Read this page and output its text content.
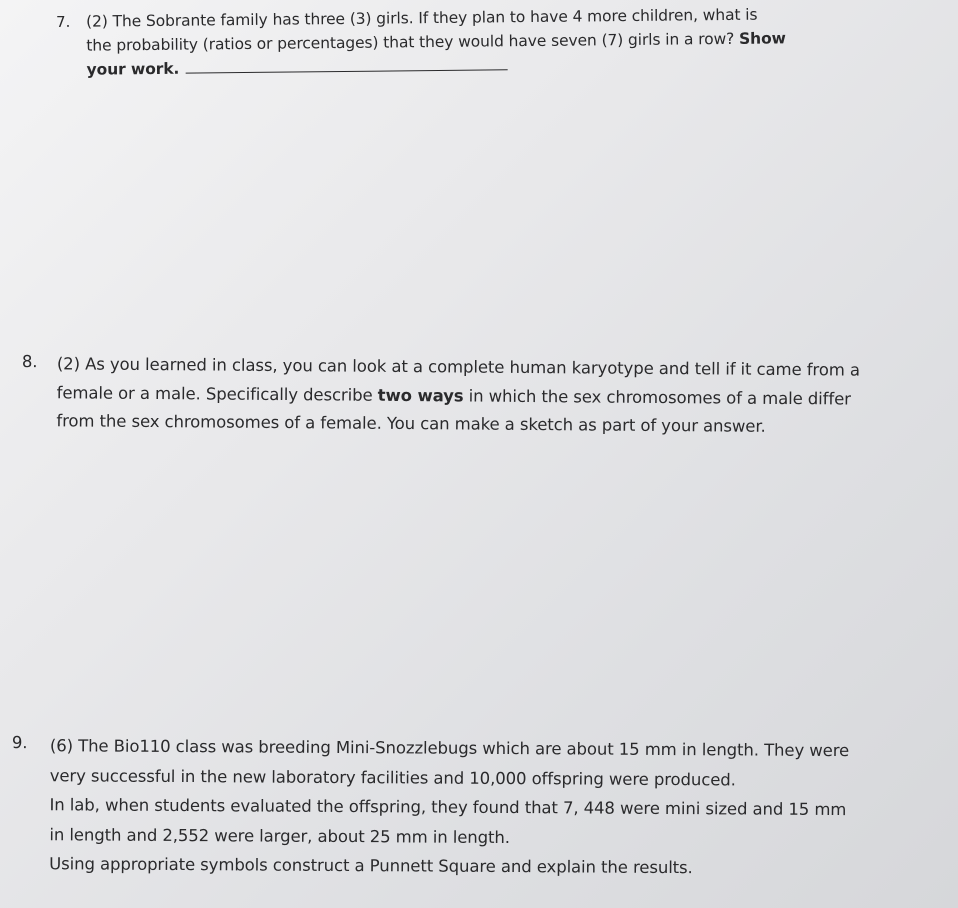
7. (2) The Sobrante family has three (3) girls. If they plan to have 4 more children, what is

the probability (ratios or percentages) that they would have seven (7) girls in a row? Show

your work.

8. (2) As you learned in class, you can look at a complete human karyotype and tell if it came from a

female or a male. Specifically describe two ways in which the sex chromosomes of a male differ

from the sex chromosomes of a female. You can make a sketch as part of your answer.

9. (6) The Bio110 class was breeding Mini-Snozzlebugs which are about 15 mm in length. They were

very successful in the new laboratory facilities and 10,000 offspring were produced.

In lab, when students evaluated the offspring, they found that 7, 448 were mini sized and 15 mm

in length and 2,552 were larger, about 25 mm in length.

Using appropriate symbols construct a Punnett Square and explain the results.
